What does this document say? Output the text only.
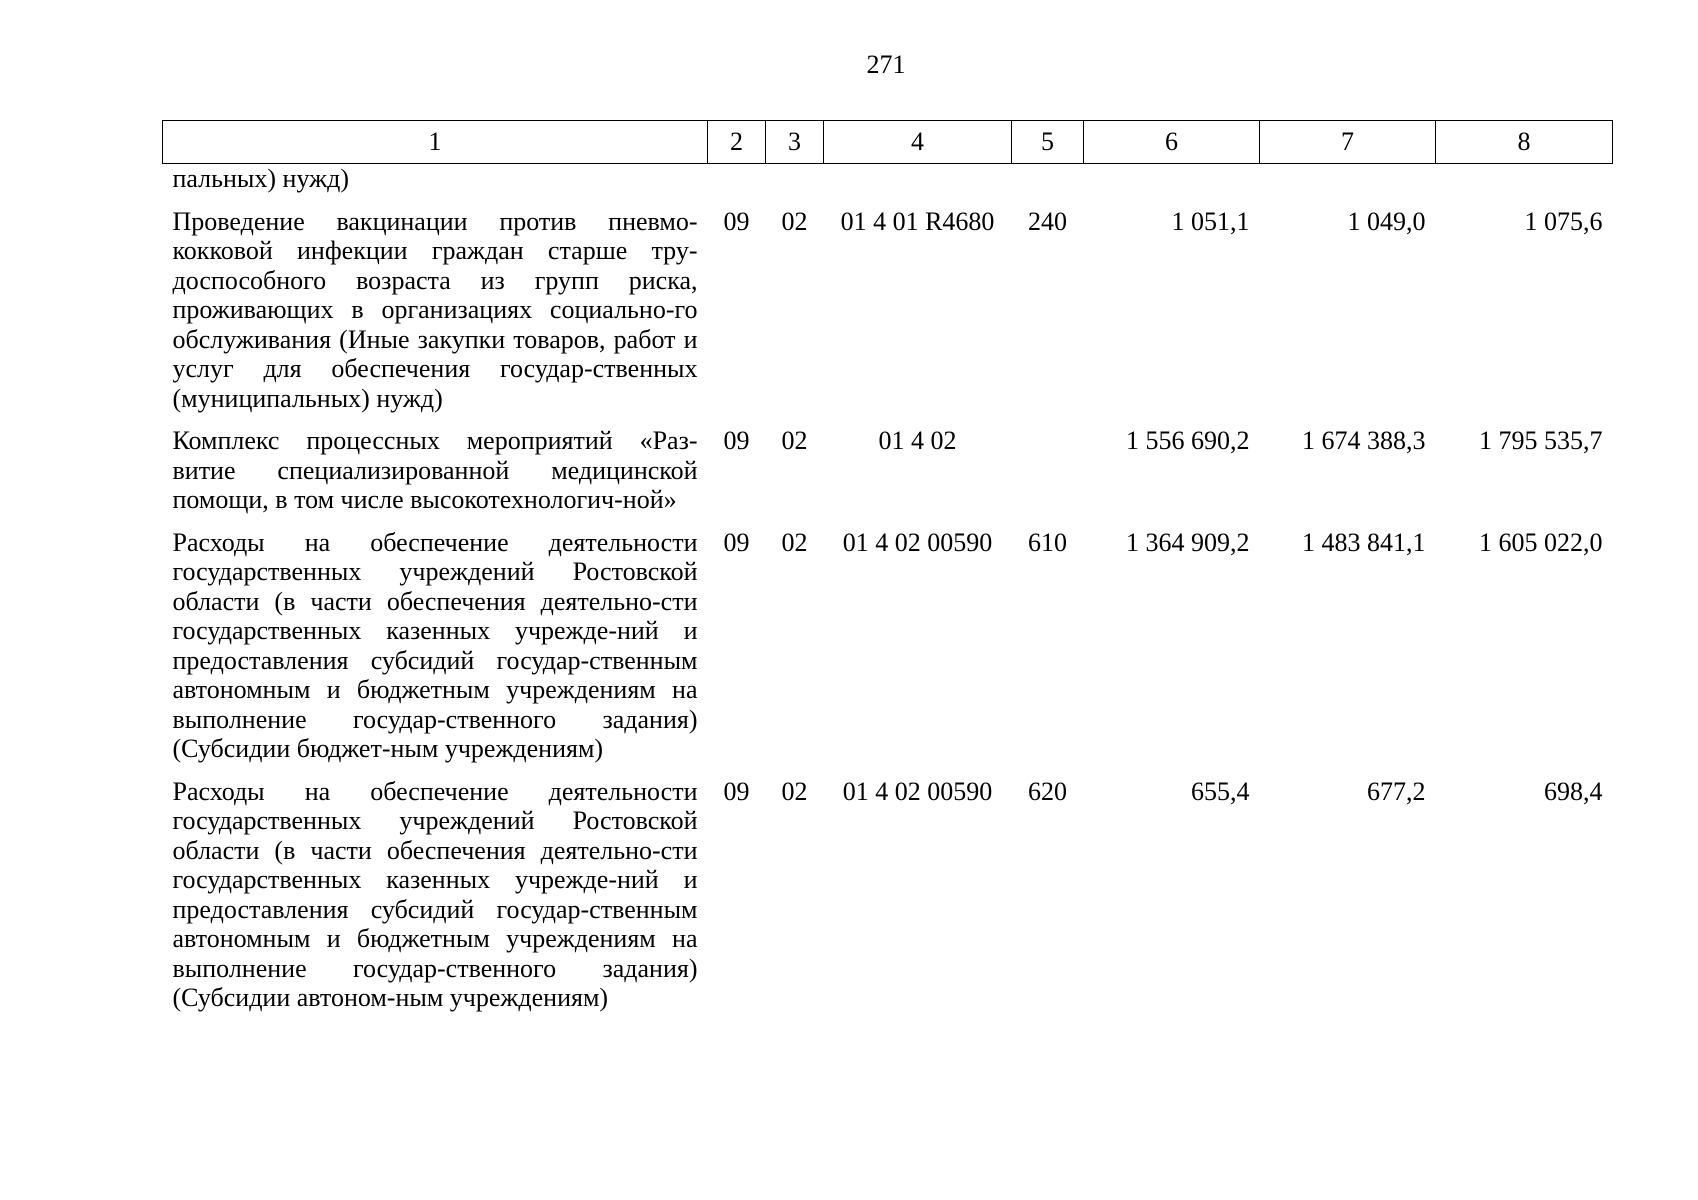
271
1	2	3	4	5	6	7	8
пальных) нужд)							
Проведение вакцинации против пневмо-кокковой инфекции граждан старше тру-доспособного возраста из групп риска, проживающих в организациях социально-го обслуживания (Иные закупки товаров, работ и услуг для обеспечения государ-ственных (муниципальных) нужд)	09	02	01 4 01 R4680	240	1 051,1	1 049,0	1 075,6
Комплекс процессных мероприятий «Раз-витие специализированной медицинской помощи, в том числе высокотехнологич-ной»	09	02	01 4 02		1 556 690,2	1 674 388,3	1 795 535,7
Расходы на обеспечение деятельности государственных учреждений Ростовской области (в части обеспечения деятельно-сти государственных казенных учрежде-ний и предоставления субсидий государ-ственным автономным и бюджетным учреждениям на выполнение государ-ственного задания) (Субсидии бюджет-ным учреждениям)	09	02	01 4 02 00590	610	1 364 909,2	1 483 841,1	1 605 022,0
Расходы на обеспечение деятельности государственных учреждений Ростовской области (в части обеспечения деятельно-сти государственных казенных учрежде-ний и предоставления субсидий государ-ственным автономным и бюджетным учреждениям на выполнение государ-ственного задания) (Субсидии автоном-ным учреждениям)	09	02	01 4 02 00590	620	655,4	677,2	698,4
